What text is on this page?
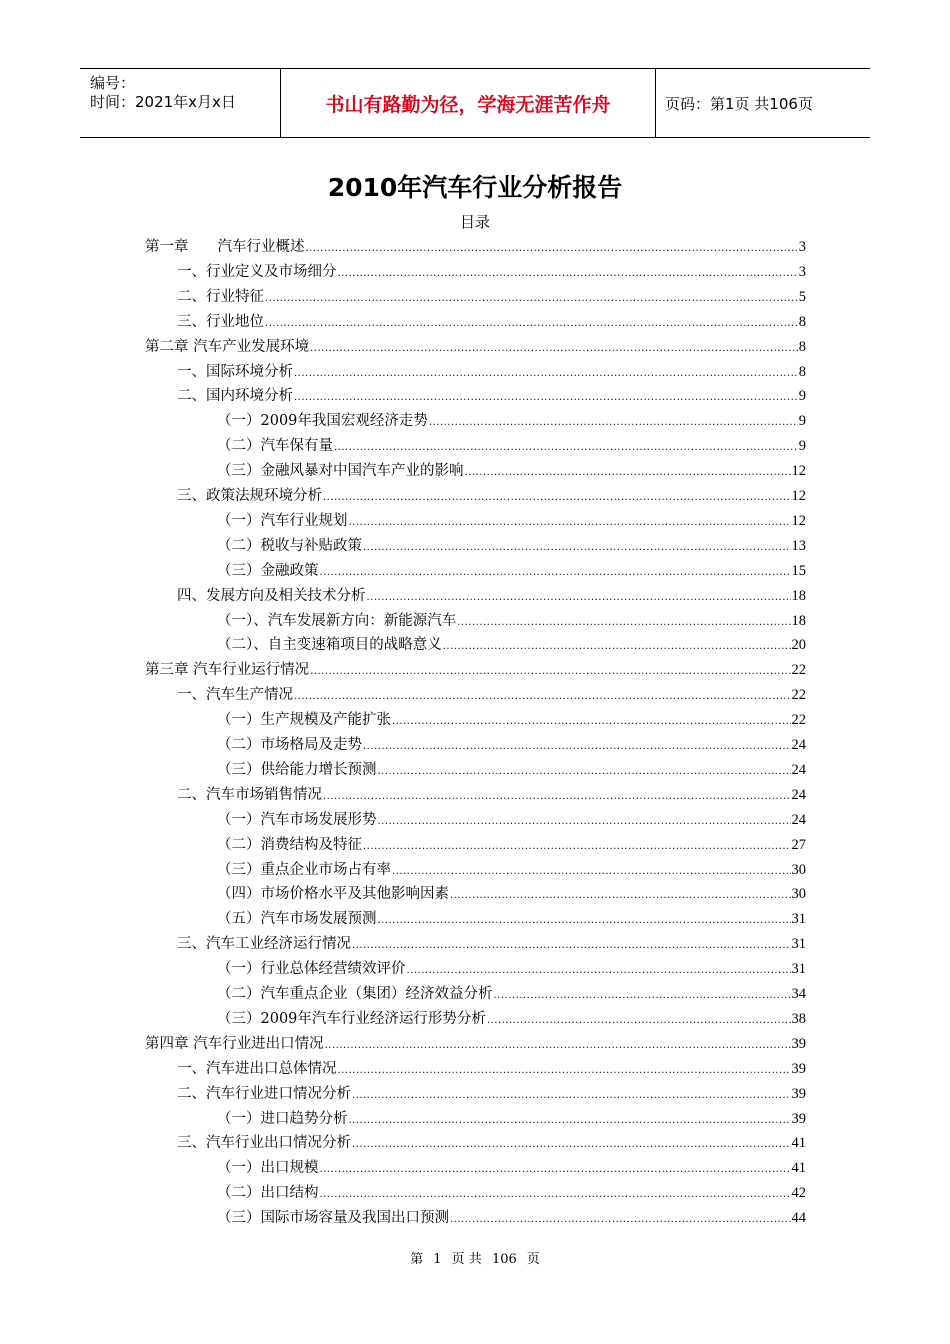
编号：
时间：2021年x月x日	书山有路勤为径，学海无涯苦作舟	页码：第1页 共106页
2010年汽车行业分析报告
目录
第一章　　汽车行业概述 .....	3
一、行业定义及市场细分 .....	3
二、行业特征 .....	5
三、行业地位 .....	8
第二章 汽车产业发展环境 .....	8
一、国际环境分析 .....	8
二、国内环境分析 .....	9
（一）2009年我国宏观经济走势 .....	9
（二）汽车保有量 .....	9
（三）金融风暴对中国汽车产业的影响 .....	12
三、政策法规环境分析 .....	12
（一）汽车行业规划 .....	12
（二）税收与补贴政策 .....	13
（三）金融政策 .....	15
四、发展方向及相关技术分析 .....	18
（一）、汽车发展新方向：新能源汽车 .....	18
（二）、自主变速箱项目的战略意义 .....	20
第三章 汽车行业运行情况 .....	22
一、汽车生产情况 .....	22
（一）生产规模及产能扩张 .....	22
（二）市场格局及走势 .....	24
（三）供给能力增长预测 .....	24
二、汽车市场销售情况 .....	24
（一）汽车市场发展形势 .....	24
（二）消费结构及特征 .....	27
（三）重点企业市场占有率 .....	30
（四）市场价格水平及其他影响因素 .....	30
（五）汽车市场发展预测 .....	31
三、汽车工业经济运行情况 .....	31
（一）行业总体经营绩效评价 .....	31
（二）汽车重点企业（集团）经济效益分析 .....	34
（三）2009年汽车行业经济运行形势分析 .....	38
第四章 汽车行业进出口情况 .....	39
一、汽车进出口总体情况 .....	39
二、汽车行业进口情况分析 .....	39
（一）进口趋势分析 .....	39
三、汽车行业出口情况分析 .....	41
（一）出口规模 .....	41
（二）出口结构 .....	42
（三）国际市场容量及我国出口预测 .....	44
第 1 页 共 106 页
